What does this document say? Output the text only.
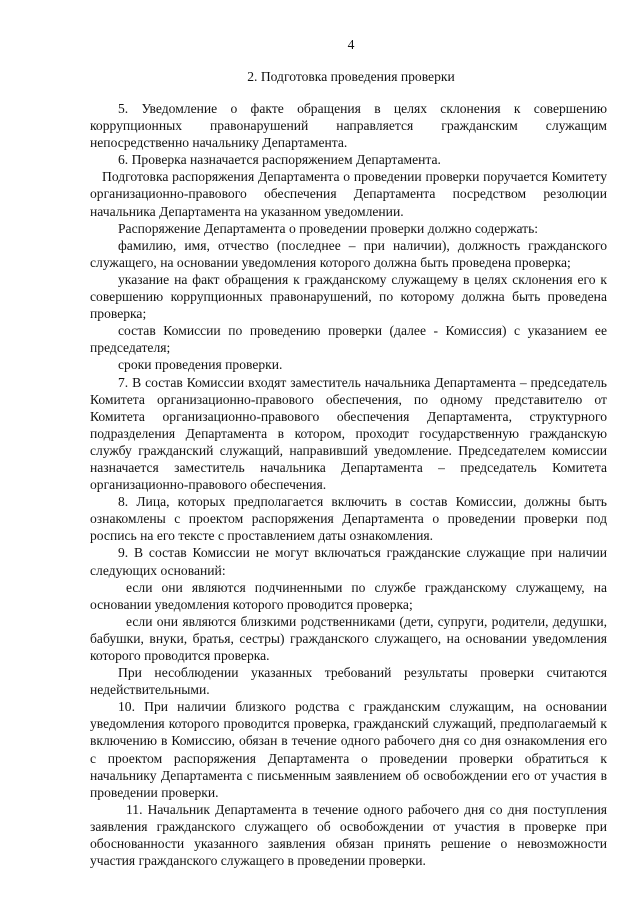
4
2. Подготовка проведения проверки

5. Уведомление о факте обращения в целях склонения к совершению коррупционных правонарушений направляется гражданским служащим непосредственно начальнику Департамента.

6. Проверка назначается распоряжением Департамента.

Подготовка распоряжения Департамента о проведении проверки поручается Комитету организационно-правового обеспечения Департамента посредством резолюции начальника Департамента на указанном уведомлении.

Распоряжение Департамента о проведении проверки должно содержать:

фамилию, имя, отчество (последнее – при наличии), должность гражданского служащего, на основании уведомления которого должна быть проведена проверка;

указание на факт обращения к гражданскому служащему в целях склонения его к совершению коррупционных правонарушений, по которому должна быть проведена проверка;

состав Комиссии по проведению проверки (далее - Комиссия) с указанием ее председателя;

сроки проведения проверки.

7. В состав Комиссии входят заместитель начальника Департамента – председатель Комитета организационно-правового обеспечения, по одному представителю от Комитета организационно-правового обеспечения Департамента, структурного подразделения Департамента в котором, проходит государственную гражданскую службу гражданский служащий, направивший уведомление. Председателем комиссии назначается заместитель начальника Департамента – председатель Комитета организационно-правового обеспечения.

8. Лица, которых предполагается включить в состав Комиссии, должны быть ознакомлены с проектом распоряжения Департамента о проведении проверки под роспись на его тексте с проставлением даты ознакомления.

9. В состав Комиссии не могут включаться гражданские служащие при наличии следующих оснований:

если они являются подчиненными по службе гражданскому служащему, на основании уведомления которого проводится проверка;

если они являются близкими родственниками (дети, супруги, родители, дедушки, бабушки, внуки, братья, сестры) гражданского служащего, на основании уведомления которого проводится проверка.

При несоблюдении указанных требований результаты проверки считаются недействительными.

10. При наличии близкого родства с гражданским служащим, на основании уведомления которого проводится проверка, гражданский служащий, предполагаемый к включению в Комиссию, обязан в течение одного рабочего дня со дня ознакомления его с проектом распоряжения Департамента о проведении проверки обратиться к начальнику Департамента с письменным заявлением об освобождении его от участия в проведении проверки.

11. Начальник Департамента в течение одного рабочего дня со дня поступления заявления гражданского служащего об освобождении от участия в проверке при обоснованности указанного заявления обязан принять решение о невозможности участия гражданского служащего в проведении проверки.
